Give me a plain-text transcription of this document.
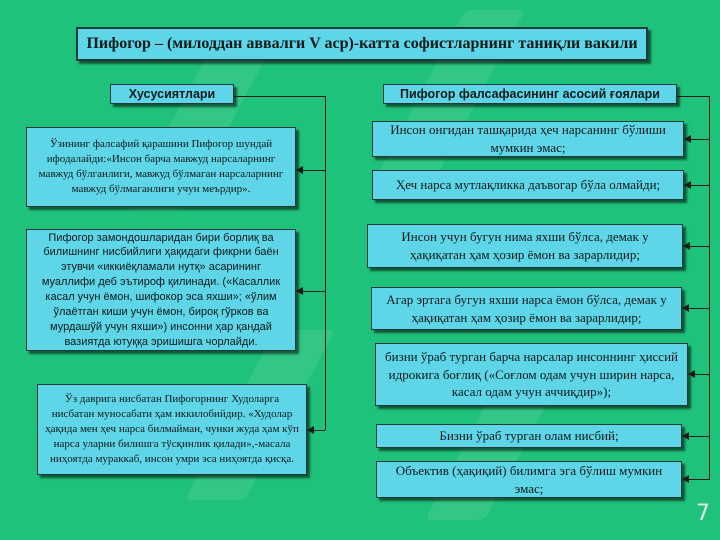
Пифогор – (милоддан аввалги V аср)-катта софистларнинг таниқли вакили
Хусусиятлари	Пифогор фалсафасининг асосий ғоялари
Ўзининг фалсафий қарашини Пифогор шундай ифодалайди:«Инсон барча мавжуд нарсаларнинг мавжуд бўлганлиги, мавжуд бўлмаган нарсаларнинг мавжуд бўлмаганлиги учун меърдир».
Пифогор замондошларидан бири борлиқ ва билишнинг нисбийлиги ҳақидаги фикрни баён этувчи «иккиёқламали нутқ» асарининг муаллифи деб эътироф қилинади. («Касаллик касал учун ёмон, шифокор эса яхши»; «ўлим ўлаётган киши учун ёмон, бироқ гўрков ва мурдашўй учун яхши») инсонни ҳар қандай вазиятда ютуққа эришишга чорлайди.
Ўз даврига нисбатан Пифогорнинг Худоларга нисбатан муносабати ҳам иккилобийдир. «Худолар ҳақида мен ҳеч нарса билмайман, чунки жуда ҳам кўп нарса уларни билишга тўсқинлик қилади»,-масала ниҳоятда мураккаб, инсон умри эса ниҳоятда қисқа.
Инсон онгидан ташқарида ҳеч нарсанинг бўлиши мумкин эмас;
Ҳеч нарса мутлақликка даъвогар бўла олмайди;
Инсон учун бугун нима яхши бўлса, демак у ҳақиқатан ҳам ҳозир ёмон ва зарарлидир;
Агар эртага бугун яхши нарса ёмон бўлса, демак у ҳақиқатан ҳам ҳозир ёмон ва зарарлидир;
бизни ўраб турган барча нарсалар инсоннинг ҳиссий идрокига боғлиқ («Соғлом одам учун ширин нарса, касал одам учун аччиқдир»);
Бизни ўраб турган олам нисбий;
Объектив (ҳақиқий) билимга эга бўлиш мумкин эмас;
7
